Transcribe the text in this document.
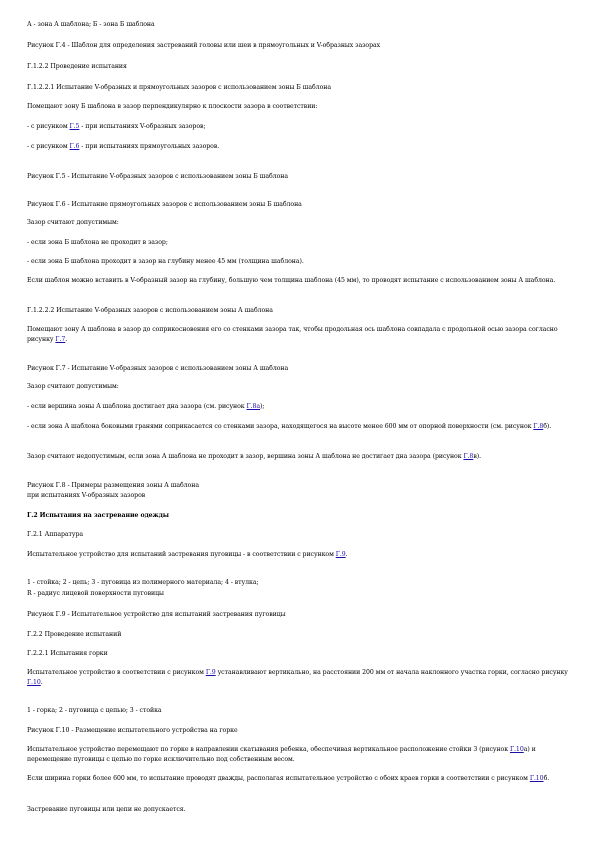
А - зона А шаблона; Б - зона Б шаблона

Рисунок Г.4 - Шаблон для определения застреваний головы или шеи в прямоугольных и V-образных зазорах

Г.1.2.2 Проведение испытания

Г.1.2.2.1 Испытание V-образных и прямоугольных зазоров с использованием зоны Б шаблона

Помещают зону Б шаблона в зазор перпендикулярно к плоскости зазора в соответствии:

- с рисунком Г.5 - при испытаниях V-образных зазоров;

- с рисунком Г.6 - при испытаниях прямоугольных зазоров.

Рисунок Г.5 - Испытание V-образных зазоров с использованием зоны Б шаблона

Рисунок Г.6 - Испытание прямоугольных зазоров с использованием зоны Б шаблона

Зазор считают допустимым:

- если зона Б шаблона не проходит в зазор;

- если зона Б шаблона проходит в зазор на глубину менее 45 мм (толщина шаблона).

Если шаблон можно вставить в V-образный зазор на глубину, большую чем толщина шаблона (45 мм), то проводят испытание с использованием зоны А шаблона.

Г.1.2.2.2 Испытание V-образных зазоров с использованием зоны А шаблона

Помещают зону А шаблона в зазор до соприкосновения его со стенками зазора так, чтобы продольная ось шаблона совпадала с продольной осью зазора согласно рисунку Г.7.

Рисунок Г.7 - Испытание V-образных зазоров с использованием зоны А шаблона

Зазор считают допустимым:

- если вершина зоны А шаблона достигает дна зазора (см. рисунок Г.8а);

- если зона А шаблона боковыми гранями соприкасается со стенками зазора, находящегося на высоте менее 600 мм от опорной поверхности (см. рисунок Г.8б).

Зазор считают недопустимым, если зона А шаблона не проходит в зазор, вершина зоны А шаблона не достигает дна зазора (рисунок Г.8в).

Рисунок Г.8 - Примеры размещения зоны А шаблона

при испытаниях V-образных зазоров

Г.2 Испытания на застревание одежды

Г.2.1 Аппаратура

Испытательное устройство для испытаний застревания пуговицы - в соответствии с рисунком Г.9.

1 - стойка; 2 - цепь; 3 - пуговица из полимерного материала; 4 - втулка;

R - радиус лицевой поверхности пуговицы

Рисунок Г.9 - Испытательное устройство для испытаний застревания пуговицы

Г.2.2 Проведение испытаний

Г.2.2.1 Испытания горки

Испытательное устройство в соответствии с рисунком Г.9 устанавливают вертикально, на расстоянии 200 мм от начала наклонного участка горки, согласно рисунку Г.10.

1 - горка; 2 - пуговица с цепью; 3 - стойка

Рисунок Г.10 - Размещение испытательного устройства на горке

Испытательное устройство перемещают по горке в направлении скатывания ребенка, обеспечивая вертикальное расположение стойки 3 (рисунок Г.10а) и перемещение пуговицы с цепью по горке исключительно под собственным весом.

Если ширина горки более 600 мм, то испытание проводят дважды, располагая испытательное устройство с обоих краев горки в соответствии с рисунком Г.10б.

Застревание пуговицы или цепи не допускается.
